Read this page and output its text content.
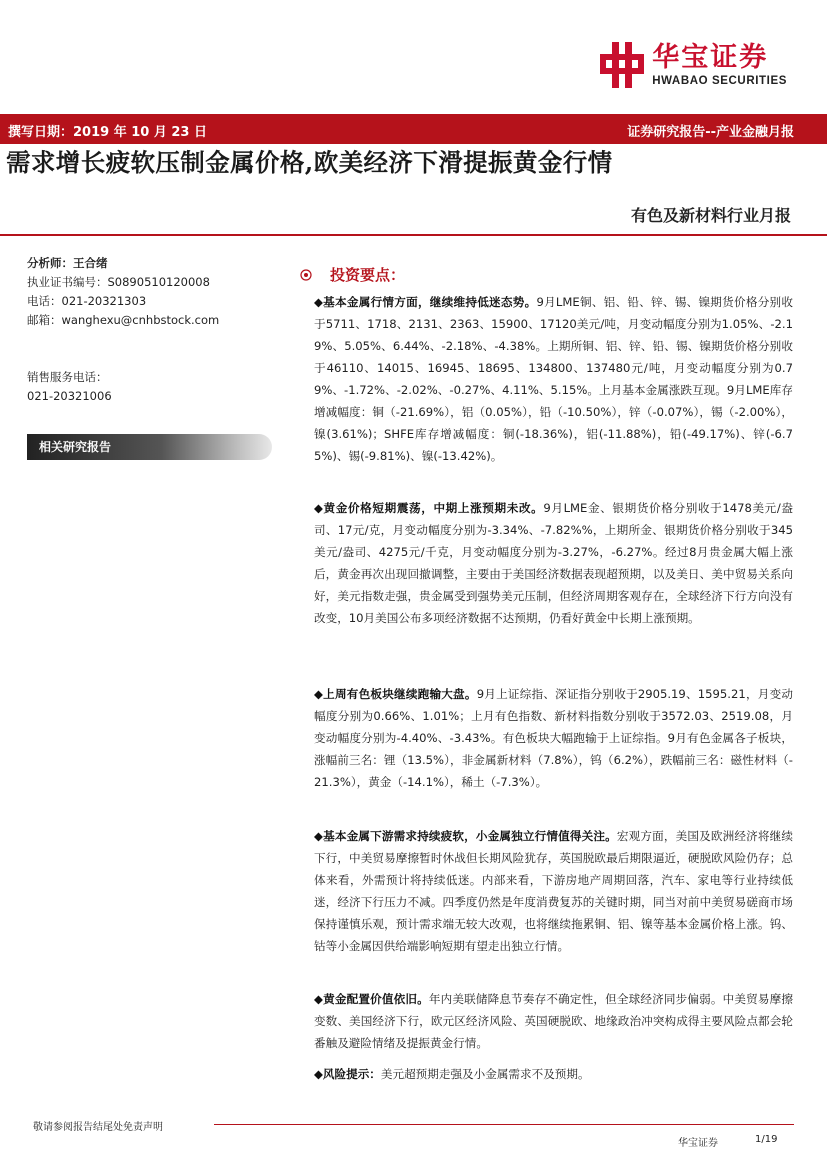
华宝证券
HWABAO SECURITIES
撰写日期：2019 年 10 月 23 日	证券研究报告--产业金融月报
需求增长疲软压制金属价格,欧美经济下滑提振黄金行情
有色及新材料行业月报
分析师：王合绪
执业证书编号：S0890510120008
电话：021-20321303
邮箱：wanghexu@cnhbstock.com
销售服务电话：
021-20321006
相关研究报告
投资要点：
◆基本金属行情方面，继续维持低迷态势。9月LME铜、铝、铅、锌、锡、镍期货价格分别收于5711、1718、2131、2363、15900、17120美元/吨，月变动幅度分别为1.05%、-2.19%、5.05%、6.44%、-2.18%、-4.38%。上期所铜、铝、锌、铅、锡、镍期货价格分别收于46110、14015、16945、18695、134800、137480元/吨，月变动幅度分别为0.79%、-1.72%、-2.02%、-0.27%、4.11%、5.15%。上月基本金属涨跌互现。9月LME库存增减幅度：铜（-21.69%），铝（0.05%），铅（-10.50%），锌（-0.07%），锡（-2.00%），镍(3.61%)；SHFE库存增减幅度：铜(-18.36%)，铝(-11.88%)，铅(-49.17%)、锌(-6.75%)、锡(-9.81%)、镍(-13.42%)。
◆黄金价格短期震荡，中期上涨预期未改。9月LME金、银期货价格分别收于1478美元/盎司、17元/克，月变动幅度分别为-3.34%、-7.82%%，上期所金、银期货价格分别收于345美元/盎司、4275元/千克，月变动幅度分别为-3.27%，-6.27%。经过8月贵金属大幅上涨后，黄金再次出现回撤调整，主要由于美国经济数据表现超预期，以及美日、美中贸易关系向好，美元指数走强，贵金属受到强势美元压制，但经济周期客观存在，全球经济下行方向没有改变，10月美国公布多项经济数据不达预期，仍看好黄金中长期上涨预期。
◆上周有色板块继续跑输大盘。9月上证综指、深证指分别收于2905.19、1595.21，月变动幅度分别为0.66%、1.01%；上月有色指数、新材料指数分别收于3572.03、2519.08，月变动幅度分别为-4.40%、-3.43%。有色板块大幅跑输于上证综指。9月有色金属各子板块，涨幅前三名：锂（13.5%），非金属新材料（7.8%），钨（6.2%），跌幅前三名：磁性材料（-21.3%），黄金（-14.1%），稀土（-7.3%）。
◆基本金属下游需求持续疲软，小金属独立行情值得关注。宏观方面，美国及欧洲经济将继续下行，中美贸易摩擦暂时休战但长期风险犹存，英国脱欧最后期限逼近，硬脱欧风险仍存；总体来看，外需预计将持续低迷。内部来看，下游房地产周期回落，汽车、家电等行业持续低迷，经济下行压力不减。四季度仍然是年度消费复苏的关键时期，同当对前中美贸易磋商市场保持谨慎乐观，预计需求端无较大改观，也将继续拖累铜、铝、镍等基本金属价格上涨。钨、钴等小金属因供给端影响短期有望走出独立行情。
◆黄金配置价值依旧。年内美联储降息节奏存不确定性，但全球经济同步偏弱。中美贸易摩擦变数、美国经济下行，欧元区经济风险、英国硬脱欧、地缘政治冲突构成得主要风险点都会轮番触及避险情绪及提振黄金行情。
◆风险提示：美元超预期走强及小金属需求不及预期。
敬请参阅报告结尾处免责声明
华宝证券	1/19
